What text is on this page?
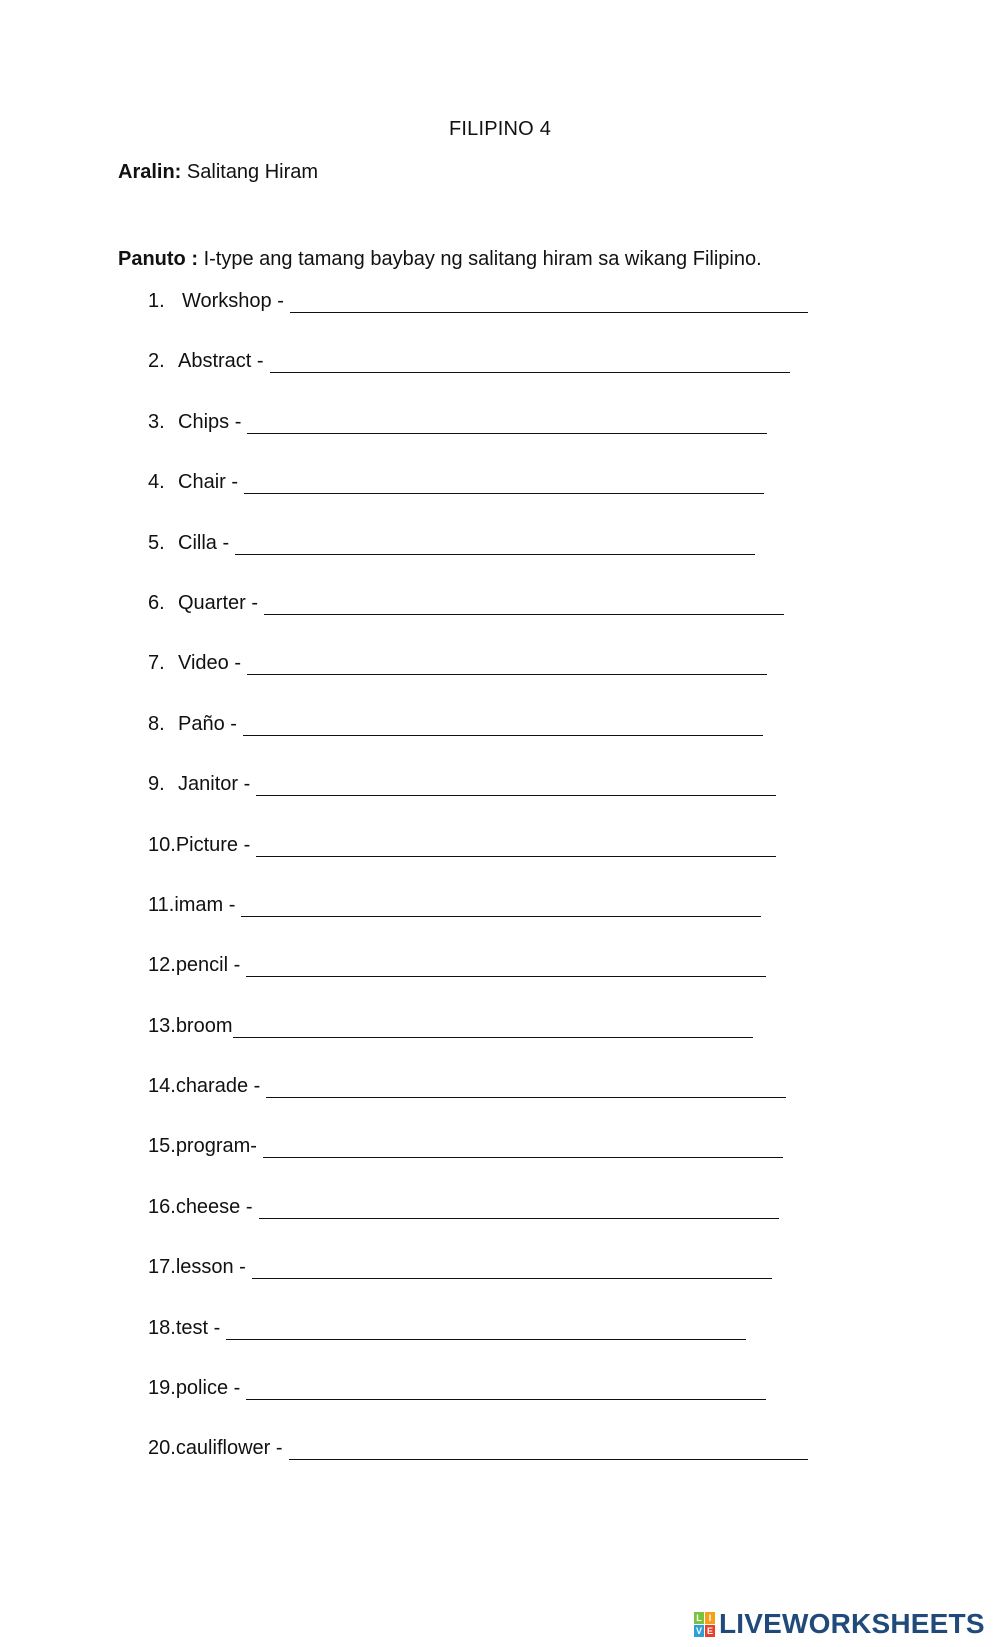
FILIPINO 4
Aralin: Salitang Hiram
Panuto : I-type ang tamang baybay ng salitang hiram sa wikang Filipino.
1. Workshop -
2. Abstract -
3. Chips -
4. Chair -
5. Cilla -
6. Quarter -
7. Video -
8. Paño -
9. Janitor -
10. Picture -
11. imam -
12. pencil -
13. broom
14. charade -
15. program-
16. cheese -
17. lesson -
18. test -
19. police -
20. cauliflower -
L I
V E LIVEWORKSHEETS
